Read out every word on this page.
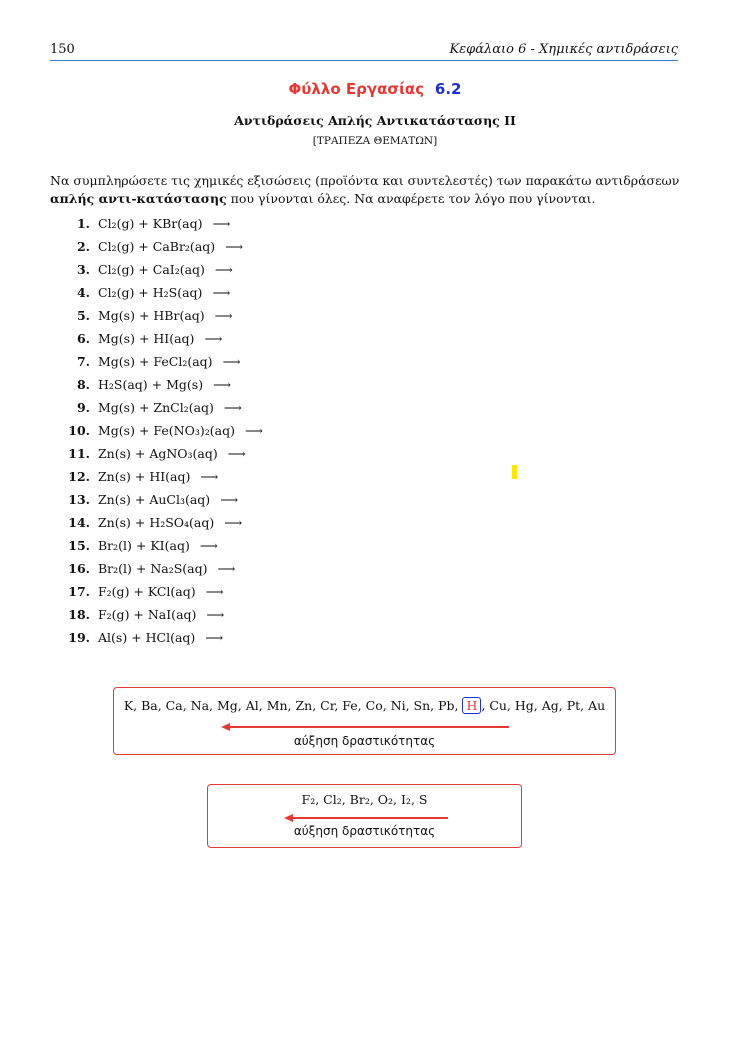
150	Κεφάλαιο 6 - Χημικές αντιδράσεις
Φύλλο Εργασίας 6.2
Αντιδράσεις Απλής Αντικατάστασης ΙΙ
[ΤΡΑΠΕΖΑ ΘΕΜΑΤΩΝ]
Να συμπληρώσετε τις χημικές εξισώσεις (προϊόντα και συντελεστές) των παρακάτω αντιδράσεων απλής αντι-κατάστασης που γίνονται όλες. Να αναφέρετε τον λόγο που γίνονται.
1. Cl₂(g) + KBr(aq) ⟶
2. Cl₂(g) + CaBr₂(aq) ⟶
3. Cl₂(g) + CaI₂(aq) ⟶
4. Cl₂(g) + H₂S(aq) ⟶
5. Mg(s) + HBr(aq) ⟶
6. Mg(s) + HI(aq) ⟶
7. Mg(s) + FeCl₂(aq) ⟶
8. H₂S(aq) + Mg(s) ⟶
9. Mg(s) + ZnCl₂(aq) ⟶
10. Mg(s) + Fe(NO₃)₂(aq) ⟶
11. Zn(s) + AgNO₃(aq) ⟶
12. Zn(s) + HI(aq) ⟶
13. Zn(s) + AuCl₃(aq) ⟶
14. Zn(s) + H₂SO₄(aq) ⟶
15. Br₂(l) + KI(aq) ⟶
16. Br₂(l) + Na₂S(aq) ⟶
17. F₂(g) + KCl(aq) ⟶
18. F₂(g) + NaI(aq) ⟶
19. Al(s) + HCl(aq) ⟶
K, Ba, Ca, Na, Mg, Al, Mn, Zn, Cr, Fe, Co, Ni, Sn, Pb, H , Cu, Hg, Ag, Pt, Au
αύξηση δραστικότητας
F₂, Cl₂, Br₂, O₂, I₂, S
αύξηση δραστικότητας
